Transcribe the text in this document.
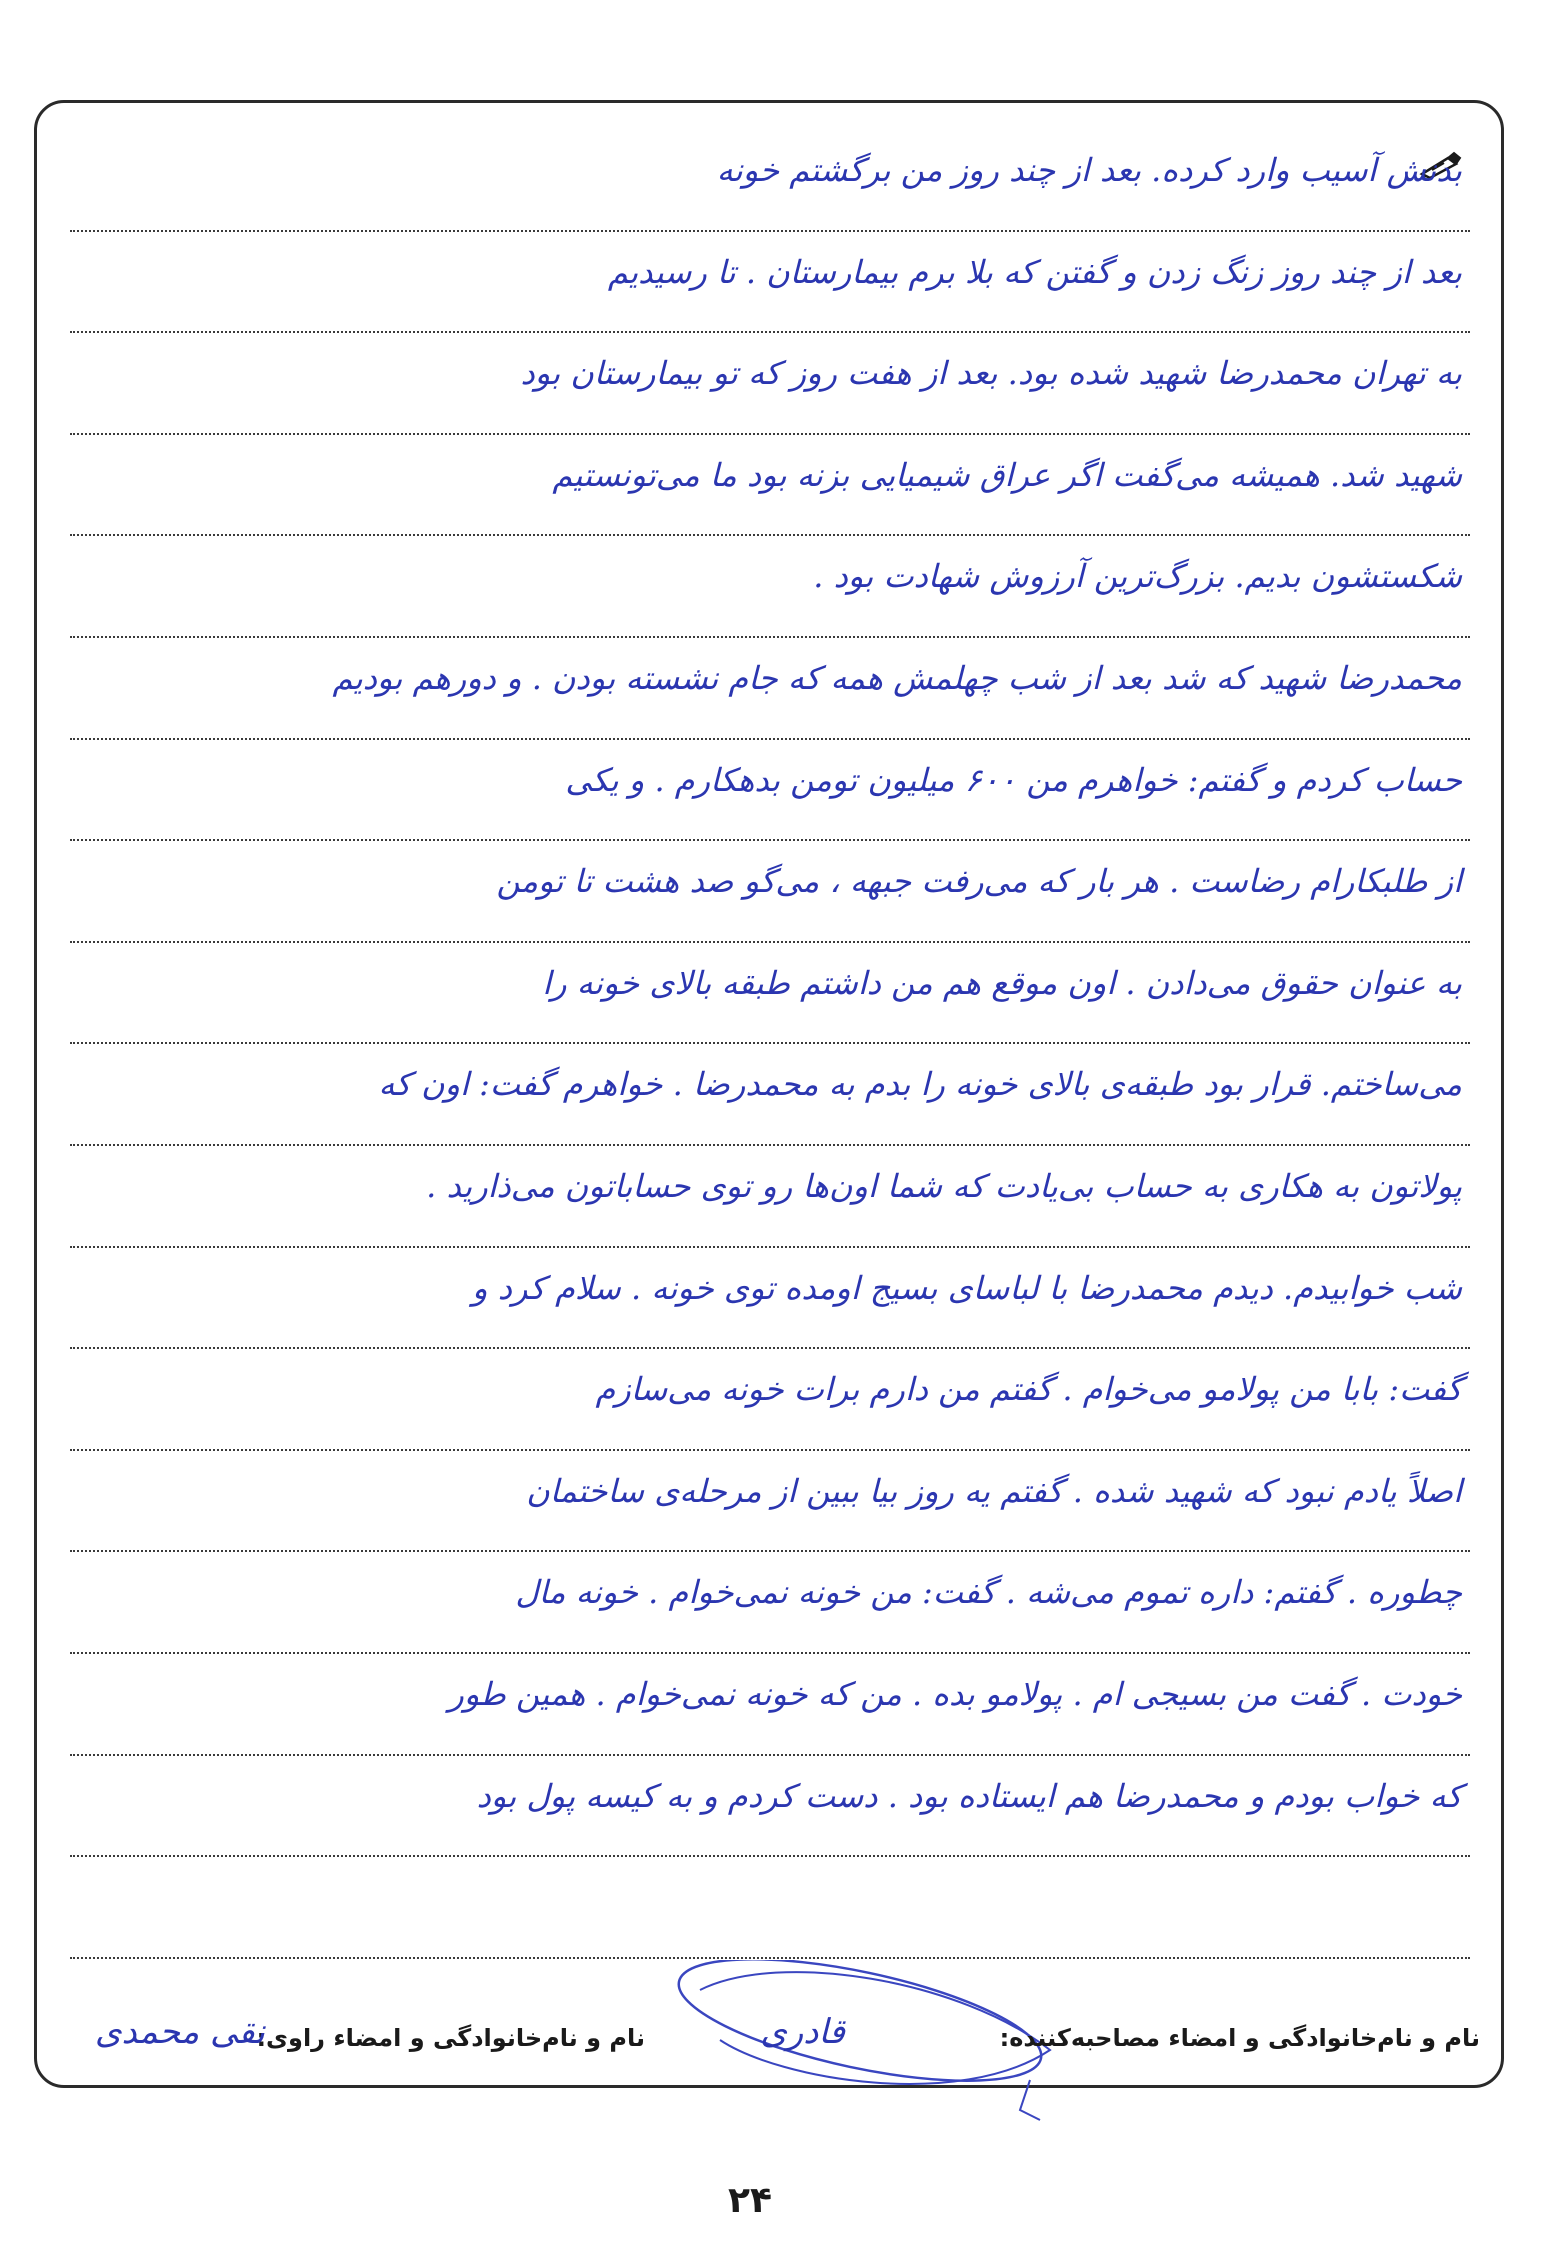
بدنش آسیب وارد کرده. بعد از چند روز من برگشتم خونه
بعد از چند روز زنگ زدن و گفتن که بلا برم بیمارستان . تا رسیدیم
به تهران محمدرضا شهید شده بود. بعد از هفت روز که تو بیمارستان بود
شهید شد. همیشه می‌گفت اگر عراق شیمیایی بزنه بود ما می‌تونستیم
شکستشون بدیم. بزرگ‌ترین آرزوش شهادت بود .
محمدرضا شهید که شد بعد از شب چهلمش همه که جام نشسته بودن . و دورهم بودیم
حساب کردم و گفتم: خواهرم من ۶۰۰ میلیون تومن بدهکارم . و یکی
از طلبکارام رضاست . هر بار که می‌رفت جبهه ، می‌گو صد هشت تا تومن
به عنوان حقوق می‌دادن . اون موقع هم من داشتم طبقه بالای خونه را
می‌ساختم. قرار بود طبقه‌ی بالای خونه را بدم به محمدرضا . خواهرم گفت: اون که
پولاتون به هکاری به حساب بی‌یادت که شما اون‌ها رو توی حساباتون می‌ذارید .
شب خوابیدم. دیدم محمدرضا با لباسای بسیج اومده توی خونه . سلام کرد و
گفت: بابا من پولامو می‌خوام . گفتم من دارم برات خونه می‌سازم
اصلاً یادم نبود که شهید شده . گفتم یه روز بیا ببین از مرحله‌ی ساختمان
چطوره . گفتم: داره تموم می‌شه . گفت: من خونه نمی‌خوام . خونه مال
خودت . گفت من بسیجی ام . پولامو بده . من که خونه نمی‌خوام . همین طور
که خواب بودم و محمدرضا هم ایستاده بود . دست کردم و به کیسه پول بود
نام و نام‌خانوادگی و امضاء مصاحبه‌کننده:
قادری
نام و نام‌خانوادگی و امضاء راوی:
نقی محمدی
۲۴
